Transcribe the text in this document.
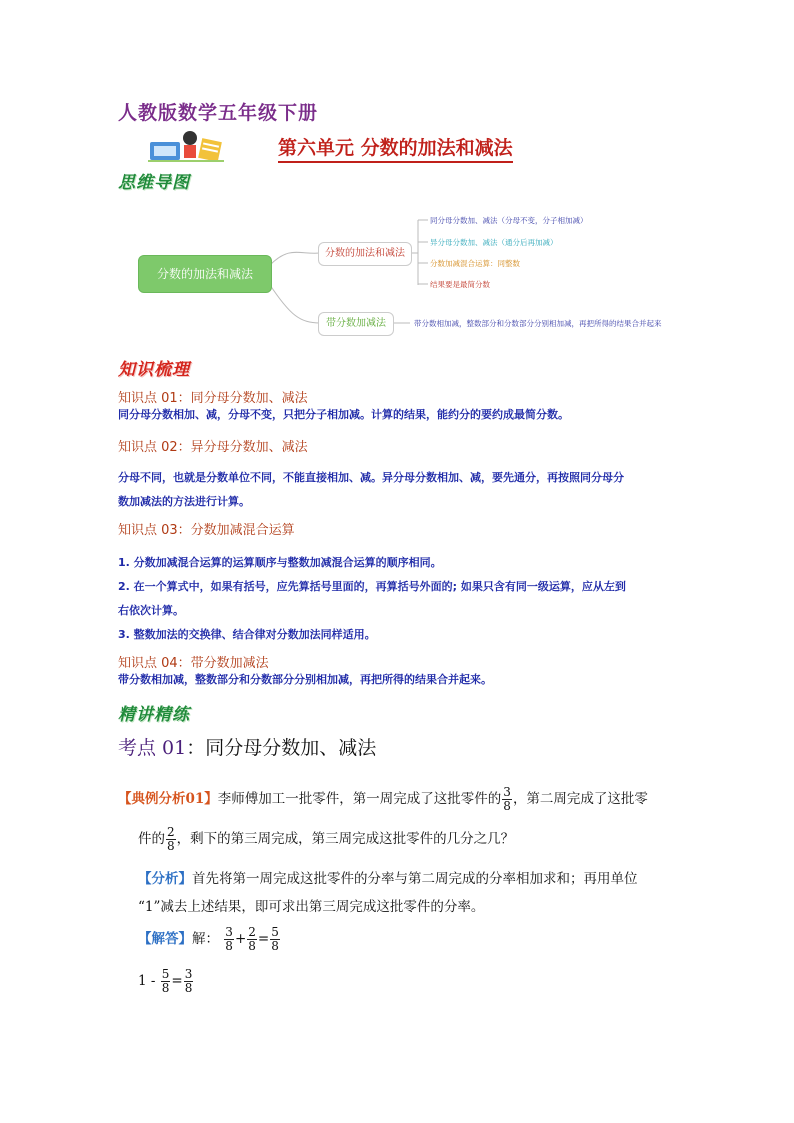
人教版数学五年级下册
第六单元 分数的加法和减法
思维导图
分数的加法和减法
分数的加法和减法
同分母分数加、减法（分母不变，分子相加减）
异分母分数加、减法（通分后再加减）
分数加减混合运算：同整数
结果要是最简分数
带分数加减法	带分数相加减，整数部分和分数部分分别相加减，再把所得的结果合并起来
知识梳理
知识点 01：同分母分数加、减法
同分母分数相加、减，分母不变，只把分子相加减。计算的结果，能约分的要约成最简分数。
知识点 02：异分母分数加、减法
分母不同，也就是分数单位不同，不能直接相加、减。异分母分数相加、减，要先通分，再按照同分母分
数加减法的方法进行计算。
知识点 03：分数加减混合运算
1. 分数加减混合运算的运算顺序与整数加减混合运算的顺序相同。
2. 在一个算式中，如果有括号，应先算括号里面的，再算括号外面的; 如果只含有同一级运算，应从左到
右依次计算。
3. 整数加法的交换律、结合律对分数加法同样适用。
知识点 04：带分数加减法
带分数相加减，整数部分和分数部分分别相加减，再把所得的结果合并起来。
精讲精练
考点 01：同分母分数加、减法
【典例分析01】李师傅加工一批零件，第一周完成了这批零件的 $\frac{3}{8}$ ，第二周完成了这批零
件的 $\frac{2}{8}$ ，剩下的第三周完成，第三周完成这批零件的几分之几？
【分析】首先将第一周完成这批零件的分率与第二周完成的分率相加求和；再用单位
“1”减去上述结果，即可求出第三周完成这批零件的分率。
【解答】解： $\frac{3}{8} + \frac{2}{8} = \frac{5}{8}$
$1 - \frac{5}{8} = \frac{3}{8}$
